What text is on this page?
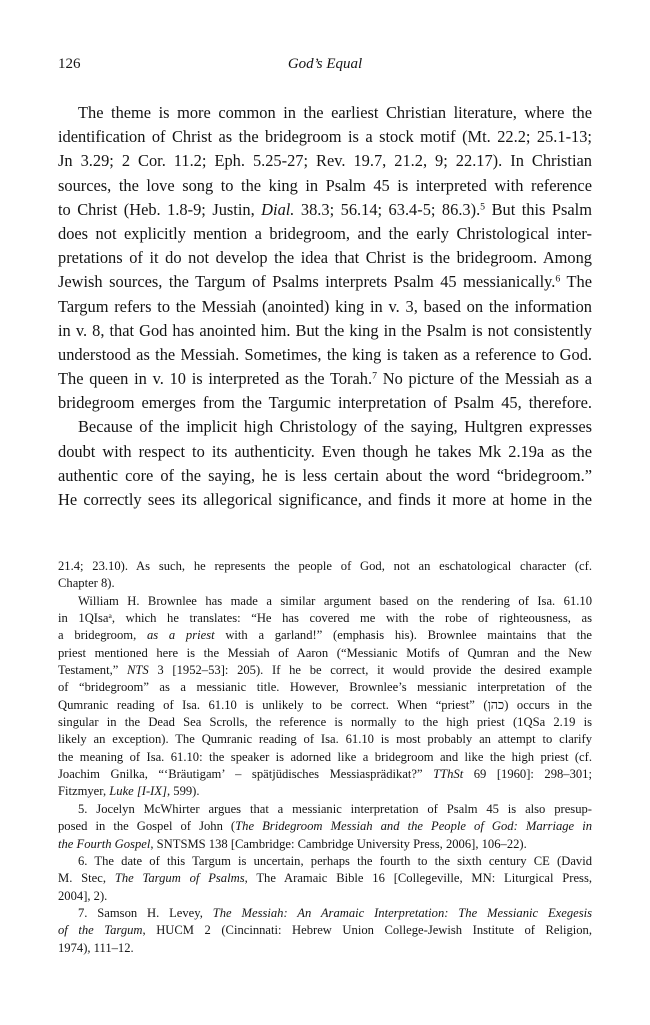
126	God’s Equal
The theme is more common in the earliest Christian literature, where the
identification of Christ as the bridegroom is a stock motif (Mt. 22.2; 25.1-13;
Jn 3.29; 2 Cor. 11.2; Eph. 5.25-27; Rev. 19.7, 21.2, 9; 22.17). In Christian
sources, the love song to the king in Psalm 45 is interpreted with reference
to Christ (Heb. 1.8-9; Justin, Dial. 38.3; 56.14; 63.4-5; 86.3).$^5$ But this Psalm
does not explicitly mention a bridegroom, and the early Christological inter-
pretations of it do not develop the idea that Christ is the bridegroom. Among
Jewish sources, the Targum of Psalms interprets Psalm 45 messianically.$^6$ The
Targum refers to the Messiah (anointed) king in v. 3, based on the information
in v. 8, that God has anointed him. But the king in the Psalm is not consistently
understood as the Messiah. Sometimes, the king is taken as a reference to God.
The queen in v. 10 is interpreted as the Torah.$^7$ No picture of the Messiah as a
bridegroom emerges from the Targumic interpretation of Psalm 45, therefore.
Because of the implicit high Christology of the saying, Hultgren expresses
doubt with respect to its authenticity. Even though he takes Mk 2.19a as the
authentic core of the saying, he is less certain about the word “bridegroom.”
He correctly sees its allegorical significance, and finds it more at home in the
21.4; 23.10). As such, he represents the people of God, not an eschatological character (cf.
Chapter 8).
William H. Brownlee has made a similar argument based on the rendering of Isa. 61.10
in 1QIsa$^a$, which he translates: “He has covered me with the robe of righteousness, as
a bridegroom, as a priest with a garland!” (emphasis his). Brownlee maintains that the
priest mentioned here is the Messiah of Aaron (“Messianic Motifs of Qumran and the New
Testament,” NTS 3 [1952–53]: 205). If he be correct, it would provide the desired example
of “bridegroom” as a messianic title. However, Brownlee’s messianic interpretation of the
Qumranic reading of Isa. 61.10 is unlikely to be correct. When “priest” (כהן) occurs in the
singular in the Dead Sea Scrolls, the reference is normally to the high priest (1QSa 2.19 is
likely an exception). The Qumranic reading of Isa. 61.10 is most probably an attempt to clarify
the meaning of Isa. 61.10: the speaker is adorned like a bridegroom and like the high priest (cf.
Joachim Gnilka, “‘Bräutigam’ – spätjüdisches Messiasprädikat?” TThSt 69 [1960]: 298–301;
Fitzmyer, Luke [I-IX], 599).
5. Jocelyn McWhirter argues that a messianic interpretation of Psalm 45 is also presup-
posed in the Gospel of John (The Bridegroom Messiah and the People of God: Marriage in
the Fourth Gospel, SNTSMS 138 [Cambridge: Cambridge University Press, 2006], 106–22).
6. The date of this Targum is uncertain, perhaps the fourth to the sixth century CE (David
M. Stec, The Targum of Psalms, The Aramaic Bible 16 [Collegeville, MN: Liturgical Press,
2004], 2).
7. Samson H. Levey, The Messiah: An Aramaic Interpretation: The Messianic Exegesis
of the Targum, HUCM 2 (Cincinnati: Hebrew Union College-Jewish Institute of Religion,
1974), 111–12.
